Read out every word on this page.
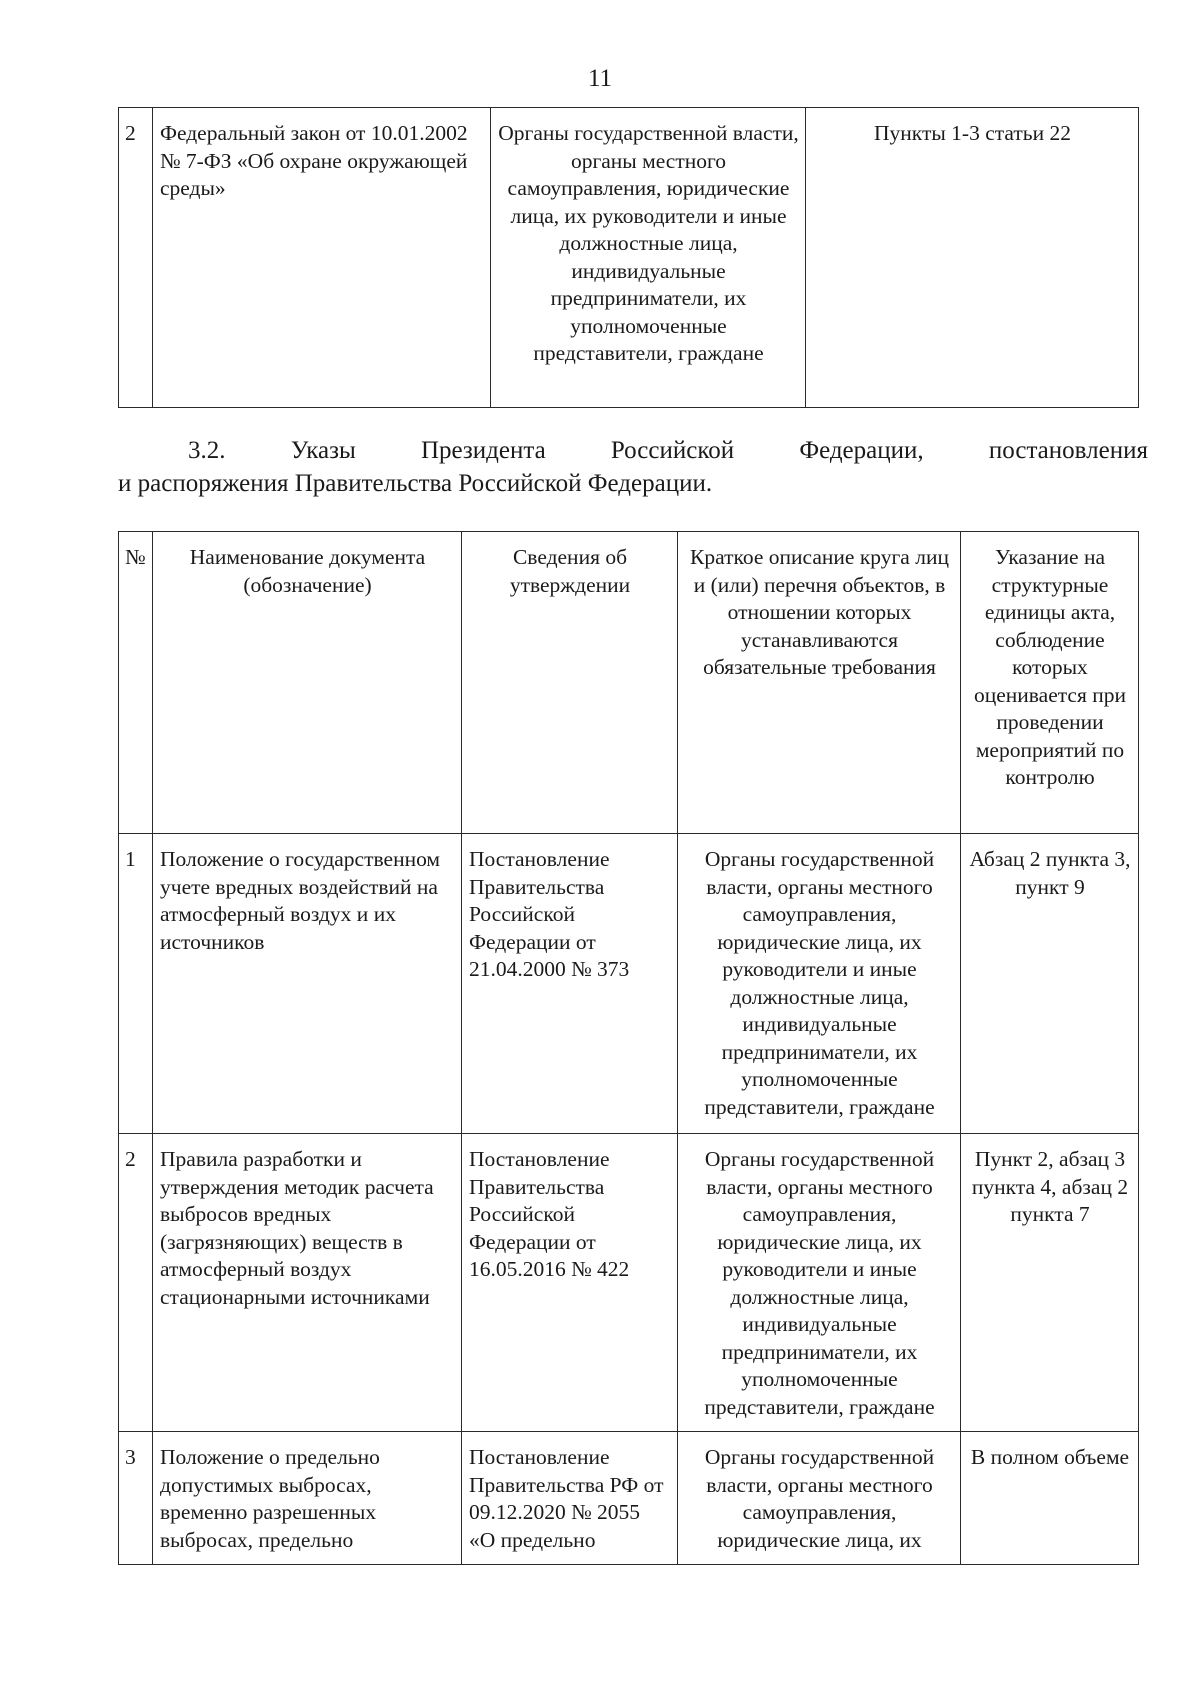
11
2	Федеральный закон от 10.01.2002 № 7-ФЗ «Об охране окружающей среды»	Органы государственной власти, органы местного самоуправления, юридические лица, их руководители и иные должностные лица, индивидуальные предприниматели, их уполномоченные представители, граждане	Пункты 1-3 статьи 22
3.2.	Указы	Президента	Российской	Федерации,	постановления
и распоряжения Правительства Российской Федерации.
№	Наименование документа (обозначение)	Сведения об утверждении	Краткое описание круга лиц и (или) перечня объектов, в отношении которых устанавливаются обязательные требования	Указание на структурные единицы акта, соблюдение которых оценивается при проведении мероприятий по контролю
1	Положение о государственном учете вредных воздействий на атмосферный воздух и их источников	Постановление Правительства Российской Федерации от 21.04.2000 № 373	Органы государственной власти, органы местного самоуправления, юридические лица, их руководители и иные должностные лица, индивидуальные предприниматели, их уполномоченные представители, граждане	Абзац 2 пункта 3, пункт 9
2	Правила разработки и утверждения методик расчета выбросов вредных (загрязняющих) веществ в атмосферный воздух стационарными источниками	Постановление Правительства Российской Федерации от 16.05.2016 № 422	Органы государственной власти, органы местного самоуправления, юридические лица, их руководители и иные должностные лица, индивидуальные предприниматели, их уполномоченные представители, граждане	Пункт 2, абзац 3 пункта 4, абзац 2 пункта 7
3	Положение о предельно допустимых выбросах, временно разрешенных выбросах, предельно	Постановление Правительства РФ от 09.12.2020 № 2055 «О предельно	Органы государственной власти, органы местного самоуправления, юридические лица, их	В полном объеме
